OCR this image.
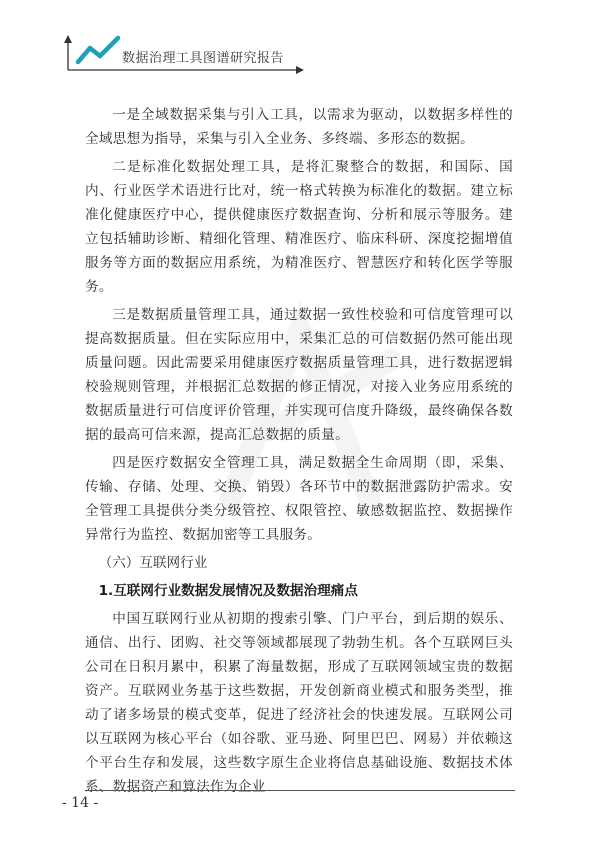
数据治理工具图谱研究报告

一是全域数据采集与引入工具，以需求为驱动，以数据多样性的全域思想为指导，采集与引入全业务、多终端、多形态的数据。

二是标准化数据处理工具，是将汇聚整合的数据，和国际、国内、行业医学术语进行比对，统一格式转换为标准化的数据。建立标准化健康医疗中心，提供健康医疗数据查询、分析和展示等服务。建立包括辅助诊断、精细化管理、精准医疗、临床科研、深度挖掘增值服务等方面的数据应用系统，为精准医疗、智慧医疗和转化医学等服务。

三是数据质量管理工具，通过数据一致性校验和可信度管理可以提高数据质量。但在实际应用中，采集汇总的可信数据仍然可能出现质量问题。因此需要采用健康医疗数据质量管理工具，进行数据逻辑校验规则管理，并根据汇总数据的修正情况，对接入业务应用系统的数据质量进行可信度评价管理，并实现可信度升降级，最终确保各数据的最高可信来源，提高汇总数据的质量。

四是医疗数据安全管理工具，满足数据全生命周期（即，采集、传输、存储、处理、交换、销毁）各环节中的数据泄露防护需求。安全管理工具提供分类分级管控、权限管控、敏感数据监控、数据操作异常行为监控、数据加密等工具服务。

（六）互联网行业
1.互联网行业数据发展情况及数据治理痛点

中国互联网行业从初期的搜索引擎、门户平台，到后期的娱乐、通信、出行、团购、社交等领域都展现了勃勃生机。各个互联网巨头公司在日积月累中，积累了海量数据，形成了互联网领域宝贵的数据资产。互联网业务基于这些数据，开发创新商业模式和服务类型，推动了诸多场景的模式变革，促进了经济社会的快速发展。互联网公司以互联网为核心平台（如谷歌、亚马逊、阿里巴巴、网易）并依赖这个平台生存和发展，这些数字原生企业将信息基础设施、数据技术体系、数据资产和算法作为企业

- 14 -
